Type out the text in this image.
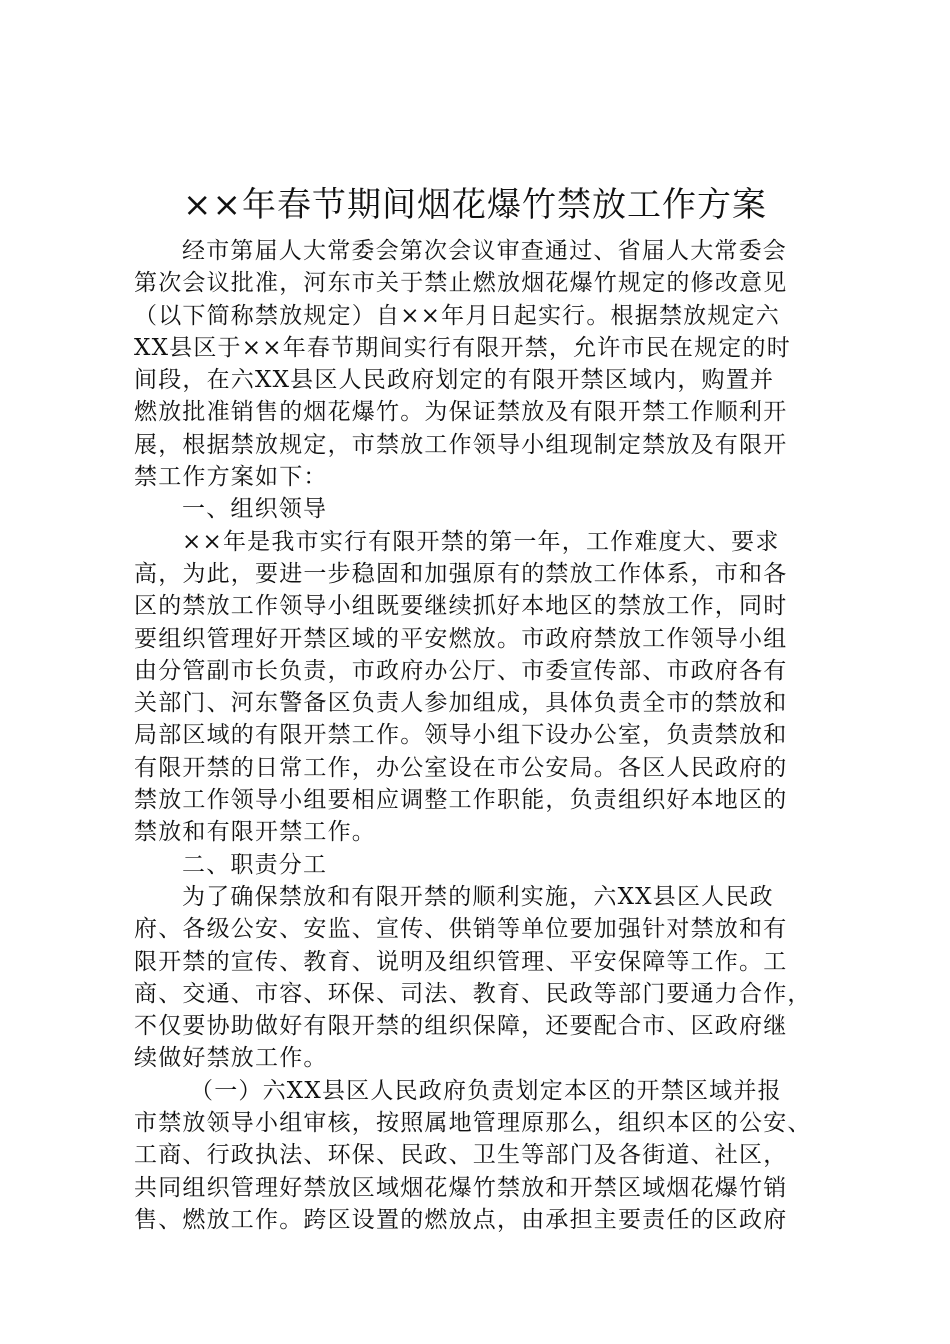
××年春节期间烟花爆竹禁放工作方案
经市第届人大常委会第次会议审查通过、省届人大常委会
第次会议批准，河东市关于禁止燃放烟花爆竹规定的修改意见
（以下简称禁放规定）自××年月日起实行。根据禁放规定六
XX县区于××年春节期间实行有限开禁，允许市民在规定的时
间段，在六XX县区人民政府划定的有限开禁区域内，购置并
燃放批准销售的烟花爆竹。为保证禁放及有限开禁工作顺利开
展，根据禁放规定，市禁放工作领导小组现制定禁放及有限开
禁工作方案如下：
一、组织领导
××年是我市实行有限开禁的第一年，工作难度大、要求
高，为此，要进一步稳固和加强原有的禁放工作体系，市和各
区的禁放工作领导小组既要继续抓好本地区的禁放工作，同时
要组织管理好开禁区域的平安燃放。市政府禁放工作领导小组
由分管副市长负责，市政府办公厅、市委宣传部、市政府各有
关部门、河东警备区负责人参加组成，具体负责全市的禁放和
局部区域的有限开禁工作。领导小组下设办公室，负责禁放和
有限开禁的日常工作，办公室设在市公安局。各区人民政府的
禁放工作领导小组要相应调整工作职能，负责组织好本地区的
禁放和有限开禁工作。
二、职责分工
为了确保禁放和有限开禁的顺利实施，六XX县区人民政
府、各级公安、安监、宣传、供销等单位要加强针对禁放和有
限开禁的宣传、教育、说明及组织管理、平安保障等工作。工
商、交通、市容、环保、司法、教育、民政等部门要通力合作，
不仅要协助做好有限开禁的组织保障，还要配合市、区政府继
续做好禁放工作。
（一）六XX县区人民政府负责划定本区的开禁区域并报
市禁放领导小组审核，按照属地管理原那么，组织本区的公安、
工商、行政执法、环保、民政、卫生等部门及各街道、社区，
共同组织管理好禁放区域烟花爆竹禁放和开禁区域烟花爆竹销
售、燃放工作。跨区设置的燃放点，由承担主要责任的区政府
